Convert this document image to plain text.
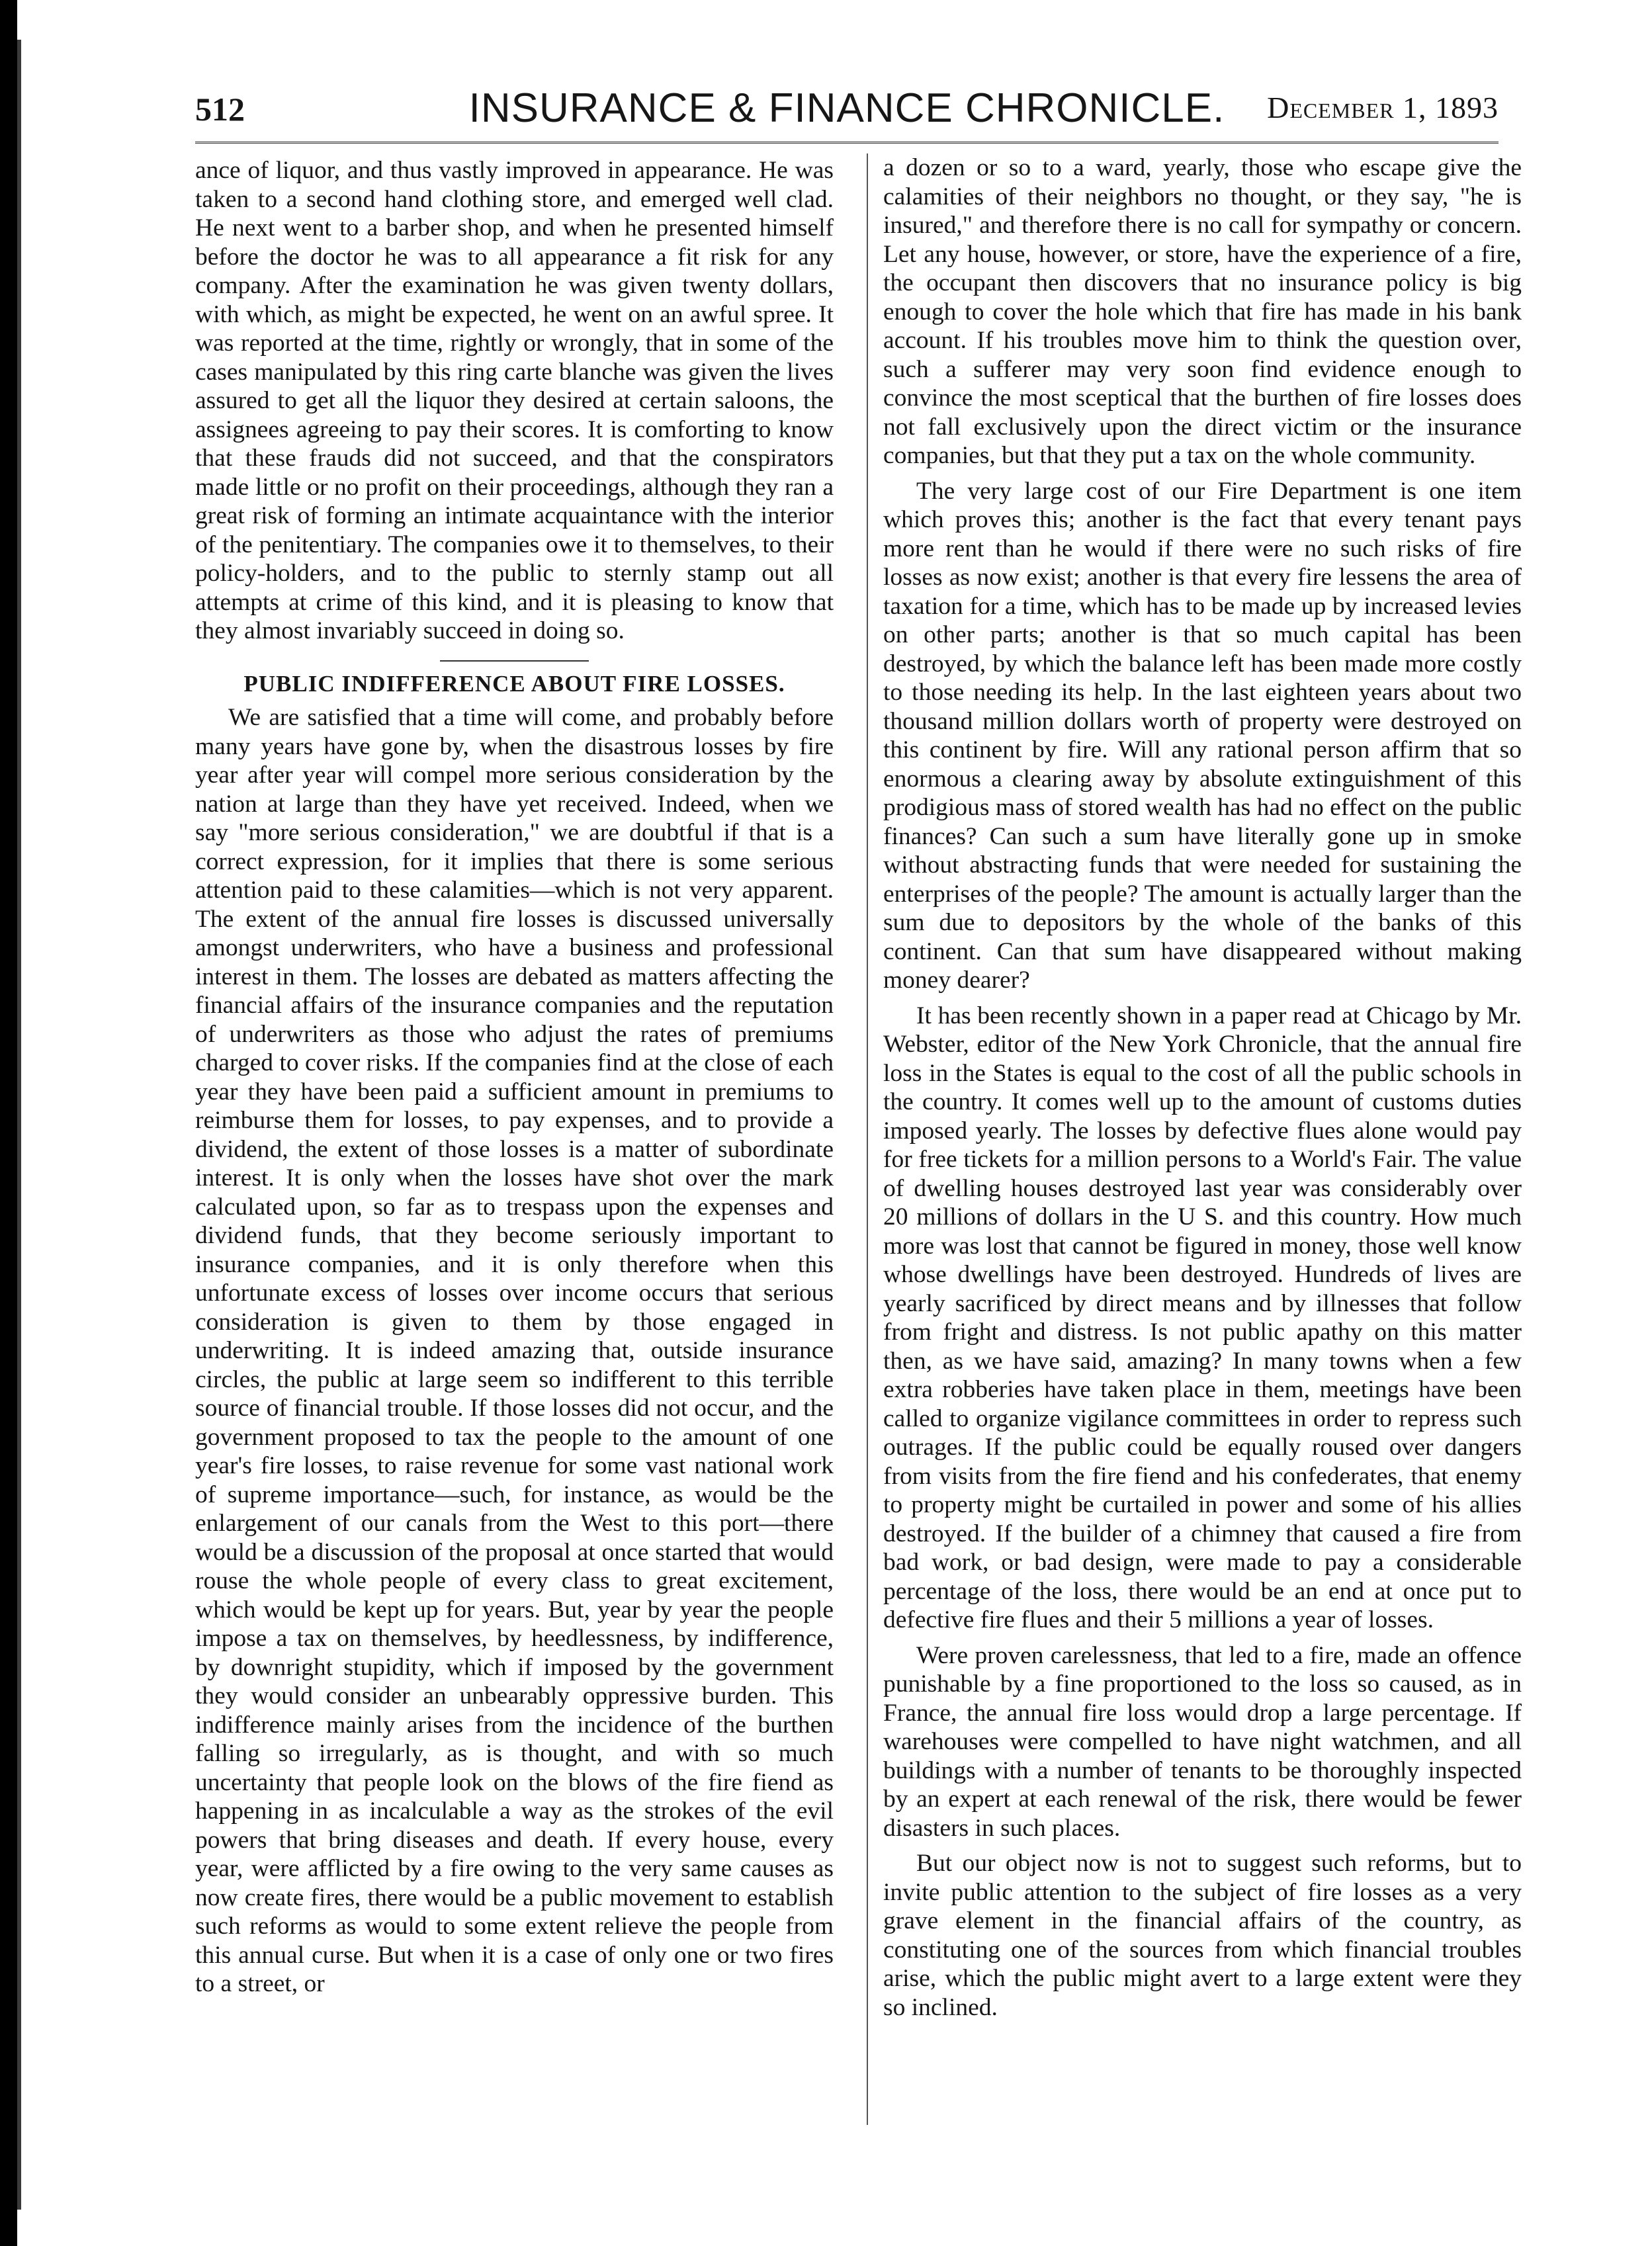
512	INSURANCE & FINANCE CHRONICLE.	December 1, 1893

ance of liquor, and thus vastly improved in appearance. He was taken to a second hand clothing store, and emerged well clad. He next went to a barber shop, and when he presented himself before the doctor he was to all appearance a fit risk for any company. After the examination he was given twenty dollars, with which, as might be expected, he went on an awful spree. It was reported at the time, rightly or wrongly, that in some of the cases manipulated by this ring carte blanche was given the lives assured to get all the liquor they desired at certain saloons, the assignees agreeing to pay their scores. It is comforting to know that these frauds did not succeed, and that the conspirators made little or no profit on their proceedings, although they ran a great risk of forming an intimate acquaintance with the interior of the penitentiary. The companies owe it to themselves, to their policy-holders, and to the public to sternly stamp out all attempts at crime of this kind, and it is pleasing to know that they almost invariably succeed in doing so.

PUBLIC INDIFFERENCE ABOUT FIRE LOSSES.

We are satisfied that a time will come, and probably before many years have gone by, when the disastrous losses by fire year after year will compel more serious consideration by the nation at large than they have yet received. Indeed, when we say "more serious consideration," we are doubtful if that is a correct expression, for it implies that there is some serious attention paid to these calamities—which is not very apparent. The extent of the annual fire losses is discussed universally amongst underwriters, who have a business and professional interest in them. The losses are debated as matters affecting the financial affairs of the insurance companies and the reputation of underwriters as those who adjust the rates of premiums charged to cover risks. If the companies find at the close of each year they have been paid a sufficient amount in premiums to reimburse them for losses, to pay expenses, and to provide a dividend, the extent of those losses is a matter of subordinate interest. It is only when the losses have shot over the mark calculated upon, so far as to trespass upon the expenses and dividend funds, that they become seriously important to insurance companies, and it is only therefore when this unfortunate excess of losses over income occurs that serious consideration is given to them by those engaged in underwriting. It is indeed amazing that, outside insurance circles, the public at large seem so indifferent to this terrible source of financial trouble. If those losses did not occur, and the government proposed to tax the people to the amount of one year's fire losses, to raise revenue for some vast national work of supreme importance—such, for instance, as would be the enlargement of our canals from the West to this port—there would be a discussion of the proposal at once started that would rouse the whole people of every class to great excitement, which would be kept up for years. But, year by year the people impose a tax on themselves, by heedlessness, by indifference, by downright stupidity, which if imposed by the government they would consider an unbearably oppressive burden. This indifference mainly arises from the incidence of the burthen falling so irregularly, as is thought, and with so much uncertainty that people look on the blows of the fire fiend as happening in as incalculable a way as the strokes of the evil powers that bring diseases and death. If every house, every year, were afflicted by a fire owing to the very same causes as now create fires, there would be a public movement to establish such reforms as would to some extent relieve the people from this annual curse. But when it is a case of only one or two fires to a street, or

a dozen or so to a ward, yearly, those who escape give the calamities of their neighbors no thought, or they say, "he is insured," and therefore there is no call for sympathy or concern. Let any house, however, or store, have the experience of a fire, the occupant then discovers that no insurance policy is big enough to cover the hole which that fire has made in his bank account. If his troubles move him to think the question over, such a sufferer may very soon find evidence enough to convince the most sceptical that the burthen of fire losses does not fall exclusively upon the direct victim or the insurance companies, but that they put a tax on the whole community.

The very large cost of our Fire Department is one item which proves this; another is the fact that every tenant pays more rent than he would if there were no such risks of fire losses as now exist; another is that every fire lessens the area of taxation for a time, which has to be made up by increased levies on other parts; another is that so much capital has been destroyed, by which the balance left has been made more costly to those needing its help. In the last eighteen years about two thousand million dollars worth of property were destroyed on this continent by fire. Will any rational person affirm that so enormous a clearing away by absolute extinguishment of this prodigious mass of stored wealth has had no effect on the public finances? Can such a sum have literally gone up in smoke without abstracting funds that were needed for sustaining the enterprises of the people? The amount is actually larger than the sum due to depositors by the whole of the banks of this continent. Can that sum have disappeared without making money dearer?

It has been recently shown in a paper read at Chicago by Mr. Webster, editor of the New York Chronicle, that the annual fire loss in the States is equal to the cost of all the public schools in the country. It comes well up to the amount of customs duties imposed yearly. The losses by defective flues alone would pay for free tickets for a million persons to a World's Fair. The value of dwelling houses destroyed last year was considerably over 20 millions of dollars in the U S. and this country. How much more was lost that cannot be figured in money, those well know whose dwellings have been destroyed. Hundreds of lives are yearly sacrificed by direct means and by illnesses that follow from fright and distress. Is not public apathy on this matter then, as we have said, amazing? In many towns when a few extra robberies have taken place in them, meetings have been called to organize vigilance committees in order to repress such outrages. If the public could be equally roused over dangers from visits from the fire fiend and his confederates, that enemy to property might be curtailed in power and some of his allies destroyed. If the builder of a chimney that caused a fire from bad work, or bad design, were made to pay a considerable percentage of the loss, there would be an end at once put to defective fire flues and their 5 millions a year of losses.

Were proven carelessness, that led to a fire, made an offence punishable by a fine proportioned to the loss so caused, as in France, the annual fire loss would drop a large percentage. If warehouses were compelled to have night watchmen, and all buildings with a number of tenants to be thoroughly inspected by an expert at each renewal of the risk, there would be fewer disasters in such places.

But our object now is not to suggest such reforms, but to invite public attention to the subject of fire losses as a very grave element in the financial affairs of the country, as constituting one of the sources from which financial troubles arise, which the public might avert to a large extent were they so inclined.
